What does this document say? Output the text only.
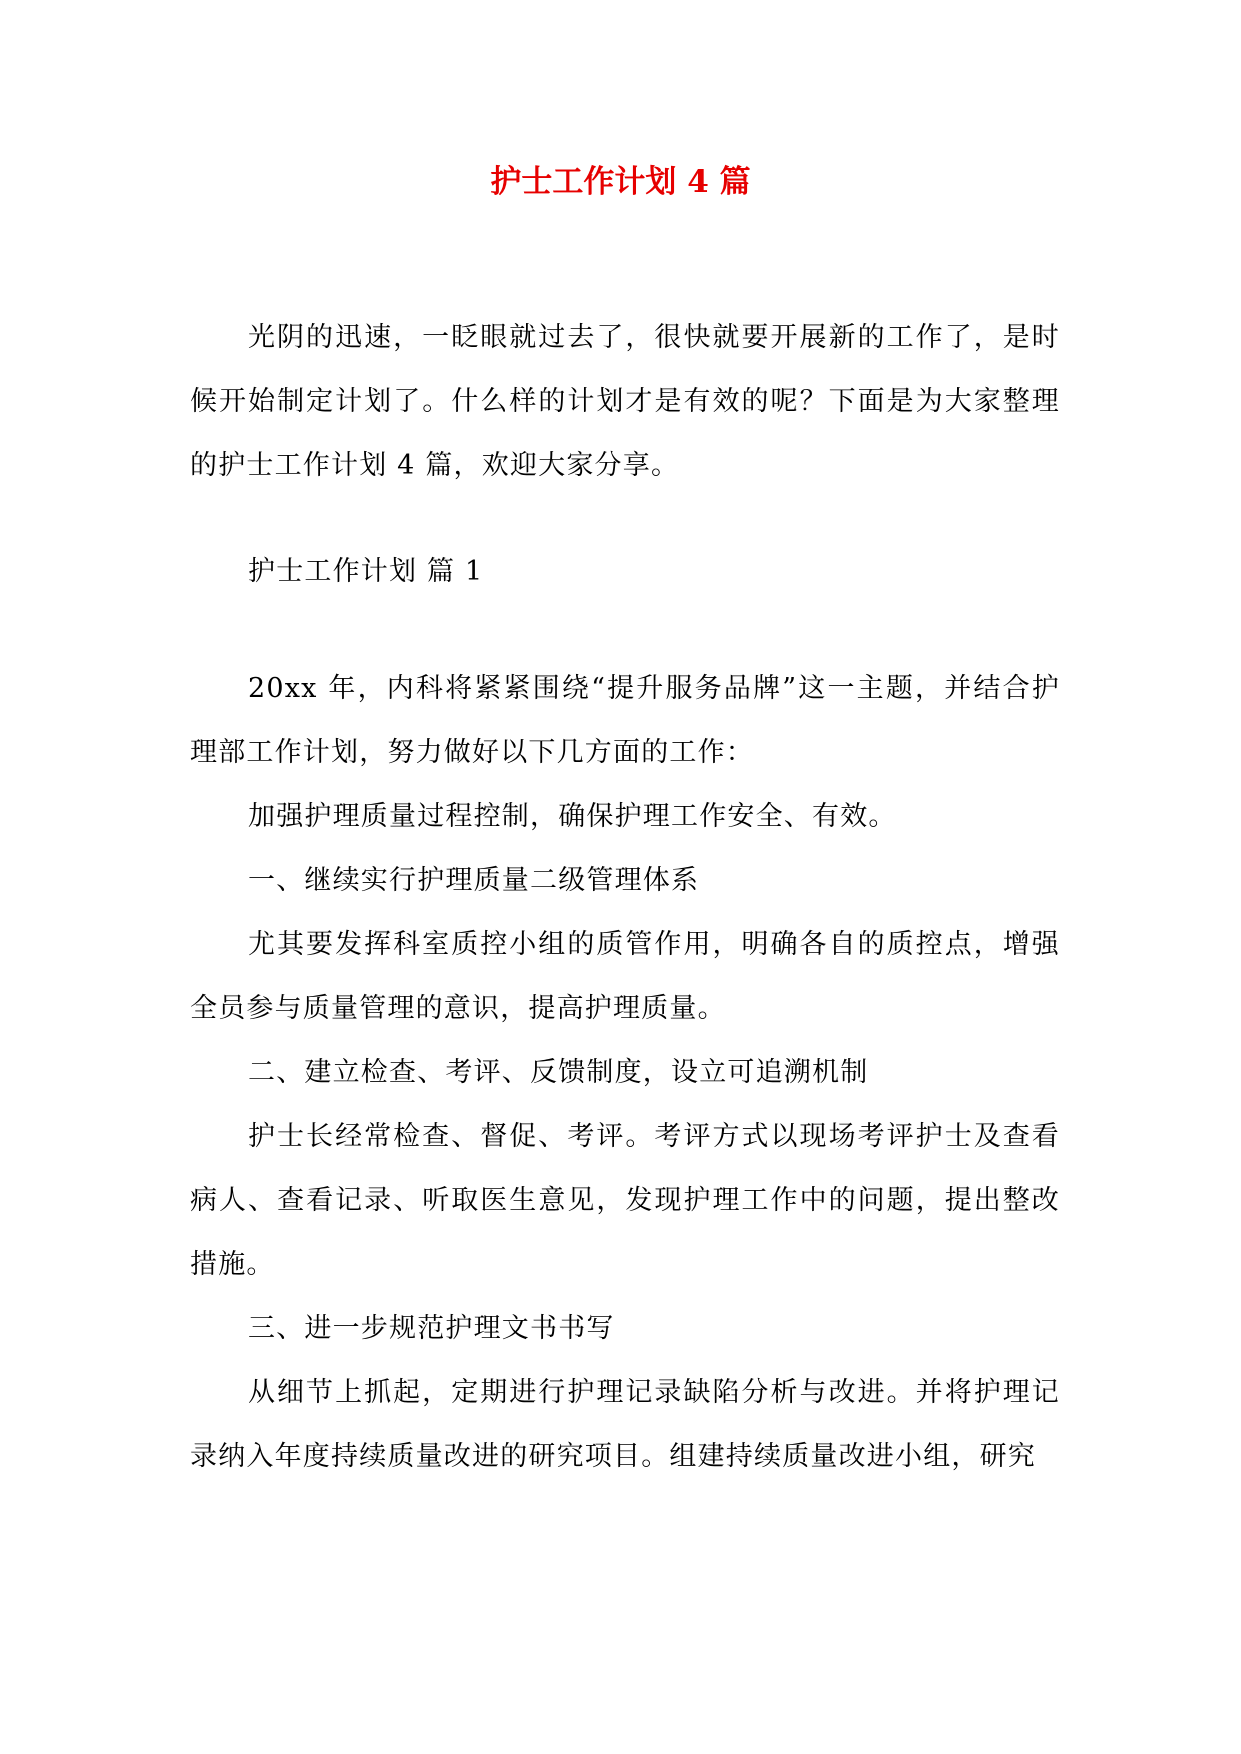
护士工作计划 4 篇

光阴的迅速，一眨眼就过去了，很快就要开展新的工作了，是时候开始制定计划了。什么样的计划才是有效的呢？下面是为大家整理的护士工作计划 4 篇，欢迎大家分享。

护士工作计划 篇 1

20xx 年，内科将紧紧围绕“提升服务品牌”这一主题，并结合护理部工作计划，努力做好以下几方面的工作：

加强护理质量过程控制，确保护理工作安全、有效。

一、继续实行护理质量二级管理体系

尤其要发挥科室质控小组的质管作用，明确各自的质控点，增强全员参与质量管理的意识，提高护理质量。

二、建立检查、考评、反馈制度，设立可追溯机制

护士长经常检查、督促、考评。考评方式以现场考评护士及查看病人、查看记录、听取医生意见，发现护理工作中的问题，提出整改措施。

三、进一步规范护理文书书写

从细节上抓起，定期进行护理记录缺陷分析与改进。并将护理记录纳入年度持续质量改进的研究项目。组建持续质量改进小组，研究
